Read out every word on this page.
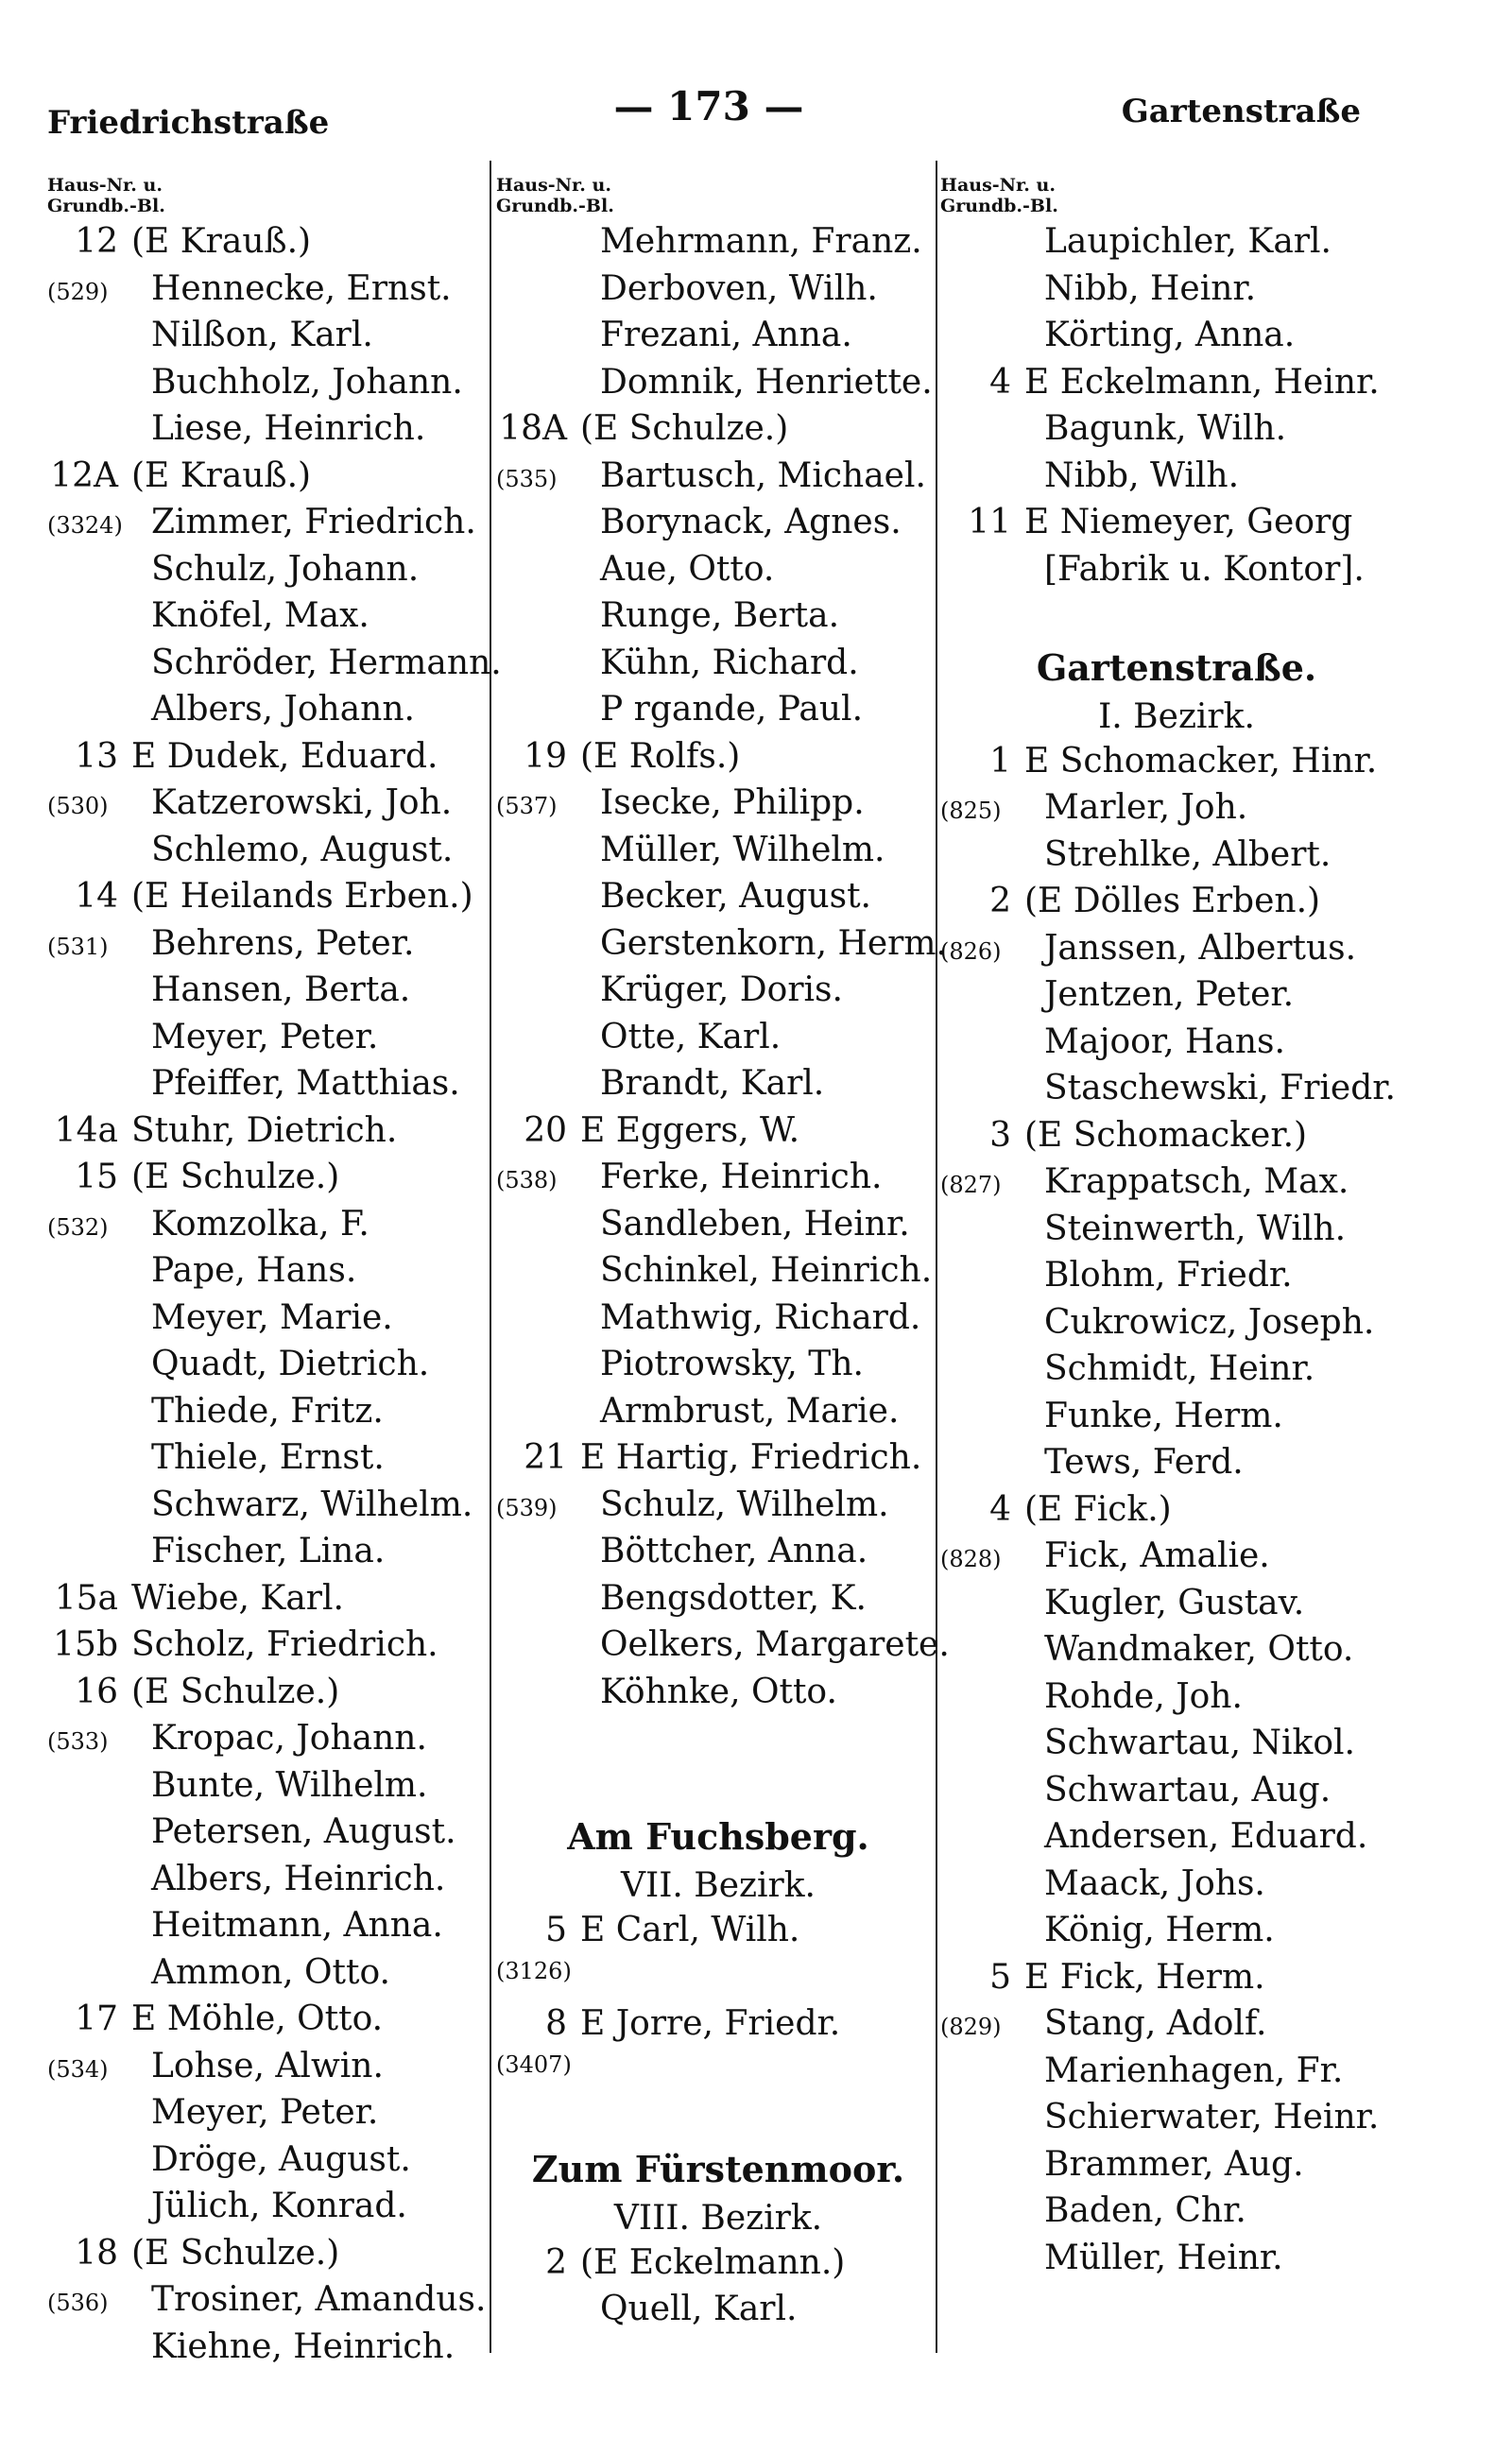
Friedrichstraße	— 173 —	Gartenstraße
Haus-Nr. u.
Grundb.-Bl.
12 (E Krauß.)
(529)	Hennecke, Ernst.
Nilßon, Karl.
Buchholz, Johann.
Liese, Heinrich.
12A (E Krauß.)
(3324) Zimmer, Friedrich.
Schulz, Johann.
Knöfel, Max.
Schröder, Hermann.
Albers, Johann.
13 E Dudek, Eduard.
(530)	Katzerowski, Joh.
Schlemo, August.
14 (E Heilands Erben.)
(531)	Behrens, Peter.
Hansen, Berta.
Meyer, Peter.
Pfeiffer, Matthias.
14a Stuhr, Dietrich.
15 (E Schulze.)
(532)	Komzolka, F.
Pape, Hans.
Meyer, Marie.
Quadt, Dietrich.
Thiede, Fritz.
Thiele, Ernst.
Schwarz, Wilhelm.
Fischer, Lina.
15a Wiebe, Karl.
15b Scholz, Friedrich.
16 (E Schulze.)
(533)	Kropac, Johann.
Bunte, Wilhelm.
Petersen, August.
Albers, Heinrich.
Heitmann, Anna.
Ammon, Otto.
17 E Möhle, Otto.
(534)	Lohse, Alwin.
Meyer, Peter.
Dröge, August.
Jülich, Konrad.
18 (E Schulze.)
(536)	Trosiner, Amandus.
Kiehne, Heinrich.
Haus-Nr. u.
Grundb.-Bl.
Mehrmann, Franz.
Derboven, Wilh.
Frezani, Anna.
Domnik, Henriette.
18A (E Schulze.)
(535)	Bartusch, Michael.
Borynack, Agnes.
Aue, Otto.
Runge, Berta.
Kühn, Richard.
P rgande, Paul.
19 (E Rolfs.)
(537)	Isecke, Philipp.
Müller, Wilhelm.
Becker, August.
Gerstenkorn, Herm.
Krüger, Doris.
Otte, Karl.
Brandt, Karl.
20 E Eggers, W.
(538)	Ferke, Heinrich.
Sandleben, Heinr.
Schinkel, Heinrich.
Mathwig, Richard.
Piotrowsky, Th.
Armbrust, Marie.
21 E Hartig, Friedrich.
(539)	Schulz, Wilhelm.
Böttcher, Anna.
Bengsdotter, K.
Oelkers, Margarete.
Köhnke, Otto.
Am Fuchsberg.
VII. Bezirk.
5 E Carl, Wilh.
(3126)
8 E Jorre, Friedr.
(3407)
Zum Fürstenmoor.
VIII. Bezirk.
2 (E Eckelmann.)
Quell, Karl.
Haus-Nr. u.
Grundb.-Bl.
Laupichler, Karl.
Nibb, Heinr.
Körting, Anna.
4 E Eckelmann, Heinr.
Bagunk, Wilh.
Nibb, Wilh.
11 E Niemeyer, Georg
[Fabrik u. Kontor].
Gartenstraße.
I. Bezirk.
1 E Schomacker, Hinr.
(825)	Marler, Joh.
Strehlke, Albert.
2 (E Dölles Erben.)
(826)	Janssen, Albertus.
Jentzen, Peter.
Majoor, Hans.
Staschewski, Friedr.
3 (E Schomacker.)
(827)	Krappatsch, Max.
Steinwerth, Wilh.
Blohm, Friedr.
Cukrowicz, Joseph.
Schmidt, Heinr.
Funke, Herm.
Tews, Ferd.
4 (E Fick.)
(828)	Fick, Amalie.
Kugler, Gustav.
Wandmaker, Otto.
Rohde, Joh.
Schwartau, Nikol.
Schwartau, Aug.
Andersen, Eduard.
Maack, Johs.
König, Herm.
5 E Fick, Herm.
(829)	Stang, Adolf.
Marienhagen, Fr.
Schierwater, Heinr.
Brammer, Aug.
Baden, Chr.
Müller, Heinr.
